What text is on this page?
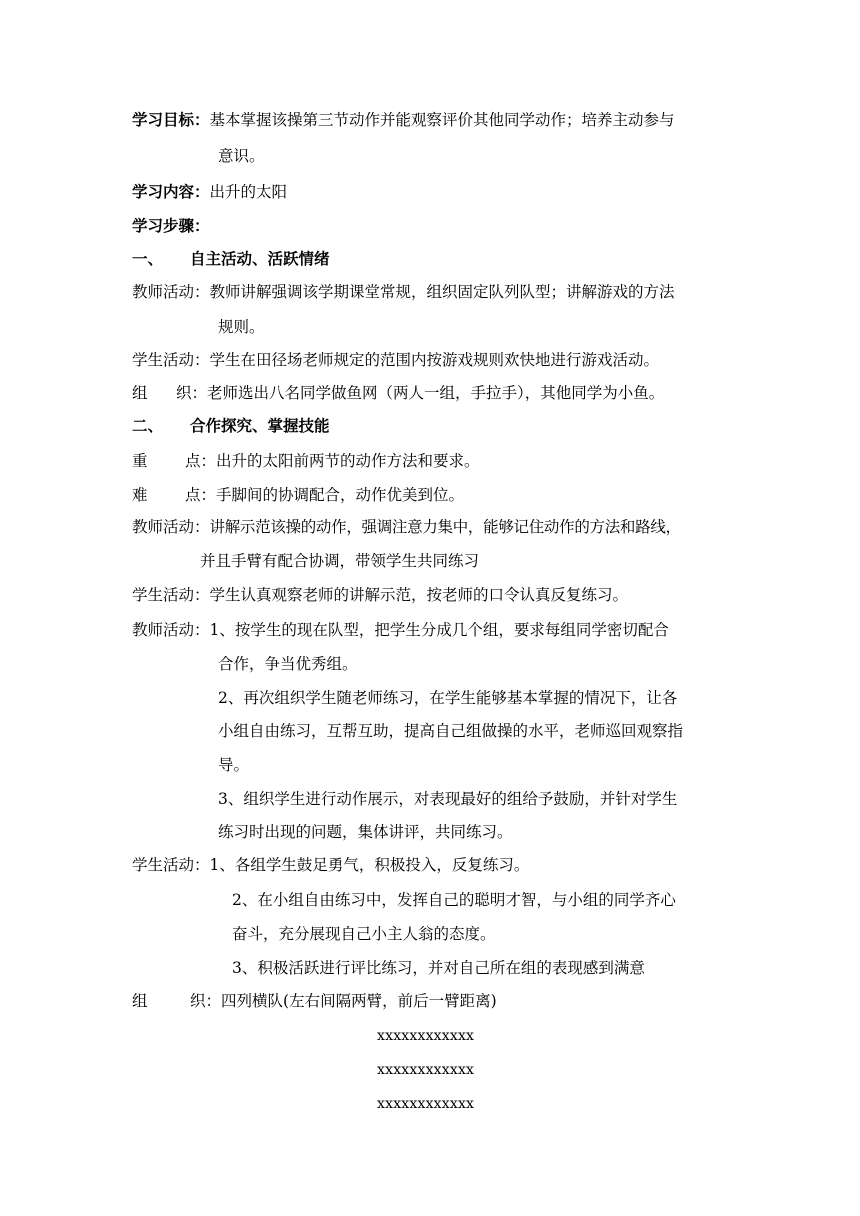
学习目标：基本掌握该操第三节动作并能观察评价其他同学动作；培养主动参与
意识。
学习内容：出升的太阳
学习步骤：
一、 自主活动、活跃情绪
教师活动：教师讲解强调该学期课堂常规，组织固定队列队型；讲解游戏的方法
规则。
学生活动：学生在田径场老师规定的范围内按游戏规则欢快地进行游戏活动。
组 织：老师选出八名同学做鱼网（两人一组，手拉手），其他同学为小鱼。
二、 合作探究、掌握技能
重 点：出升的太阳前两节的动作方法和要求。
难 点：手脚间的协调配合，动作优美到位。
教师活动：讲解示范该操的动作，强调注意力集中，能够记住动作的方法和路线，
并且手臂有配合协调，带领学生共同练习
学生活动：学生认真观察老师的讲解示范，按老师的口令认真反复练习。
教师活动：1、按学生的现在队型，把学生分成几个组，要求每组同学密切配合
合作，争当优秀组。
2、再次组织学生随老师练习，在学生能够基本掌握的情况下，让各
小组自由练习，互帮互助，提高自己组做操的水平，老师巡回观察指
导。
3、组织学生进行动作展示，对表现最好的组给予鼓励，并针对学生
练习时出现的问题，集体讲评，共同练习。
学生活动：1、各组学生鼓足勇气，积极投入，反复练习。
2、在小组自由练习中，发挥自己的聪明才智，与小组的同学齐心
奋斗，充分展现自己小主人翁的态度。
3、积极活跃进行评比练习，并对自己所在组的表现感到满意
组	织：四列横队(左右间隔两臂，前后一臂距离)
xxxxxxxxxxxx
xxxxxxxxxxxx
xxxxxxxxxxxx
